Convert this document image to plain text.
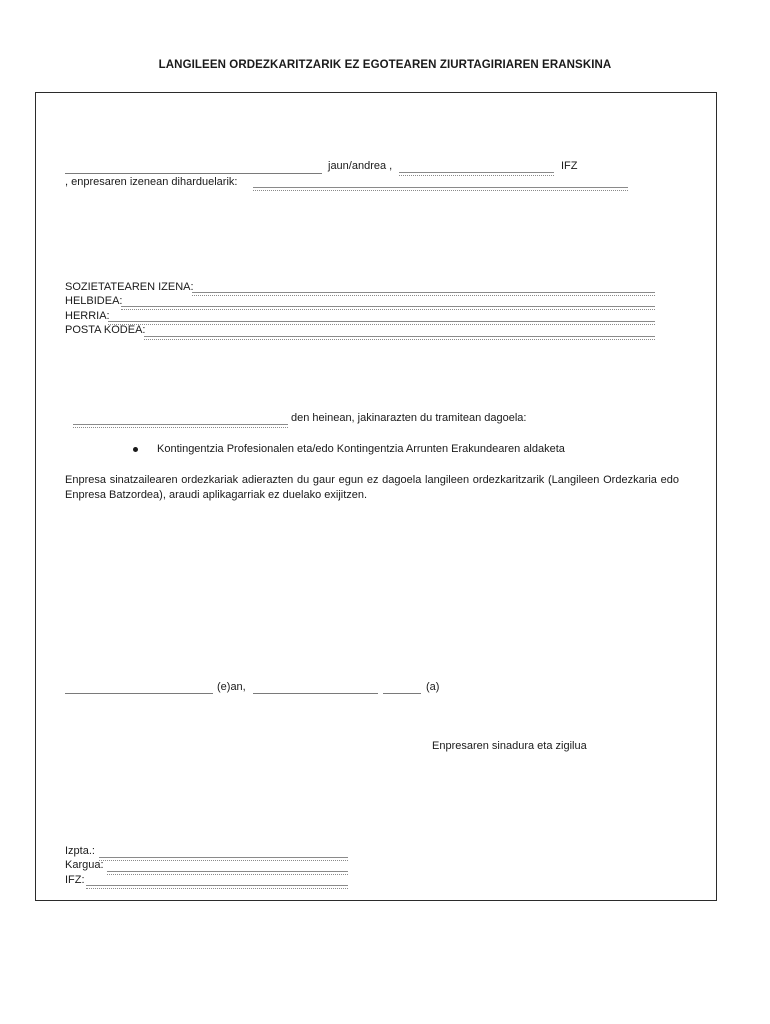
LANGILEEN ORDEZKARITZARIK EZ EGOTEAREN ZIURTAGIRIAREN ERANSKINA
jaun/andrea ,	IFZ
, enpresaren izenean diharduelarik:
SOZIETATEAREN IZENA:
HELBIDEA:
HERRIA:
POSTA KODEA:
den heinean, jakinarazten du tramitean dagoela:
Kontingentzia Profesionalen eta/edo Kontingentzia Arrunten Erakundearen aldaketa
Enpresa sinatzailearen ordezkariak adierazten du gaur egun ez dagoela langileen ordezkaritzarik (Langileen Ordezkaria edo Enpresa Batzordea), araudi aplikagarriak ez duelako exijitzen.
(e)an,	(a)
Enpresaren sinadura eta zigilua
Izpta.:
Kargua:
IFZ:
